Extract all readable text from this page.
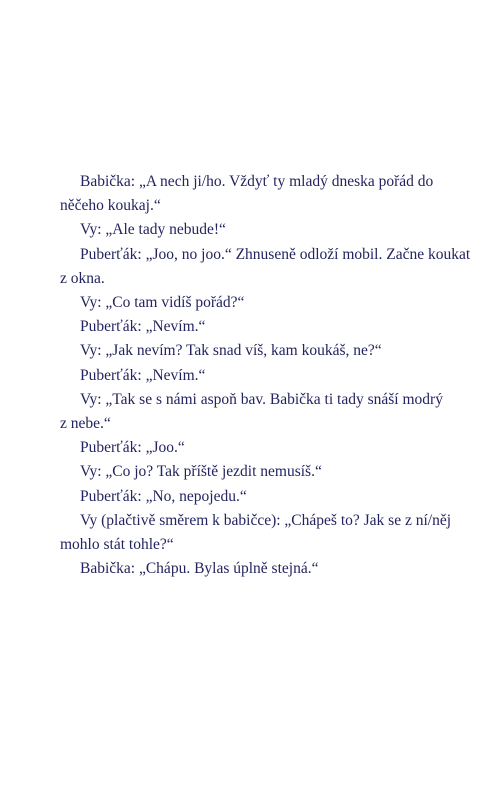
Babička: „A nech ji/ho. Vždyť ty mladý dneska pořád do
něčeho koukaj.“

Vy: „Ale tady nebude!“

Puberťák: „Joo, no joo.“ Zhnuseně odloží mobil. Začne koukat
z okna.

Vy: „Co tam vidíš pořád?“

Puberťák: „Nevím.“

Vy: „Jak nevím? Tak snad víš, kam koukáš, ne?“

Puberťák: „Nevím.“

Vy: „Tak se s námi aspoň bav. Babička ti tady snáší modrý
z nebe.“

Puberťák: „Joo.“

Vy: „Co jo? Tak příště jezdit nemusíš.“

Puberťák: „No, nepojedu.“

Vy (plačtivě směrem k babičce): „Chápeš to? Jak se z ní/něj
mohlo stát tohle?“

Babička: „Chápu. Bylas úplně stejná.“
